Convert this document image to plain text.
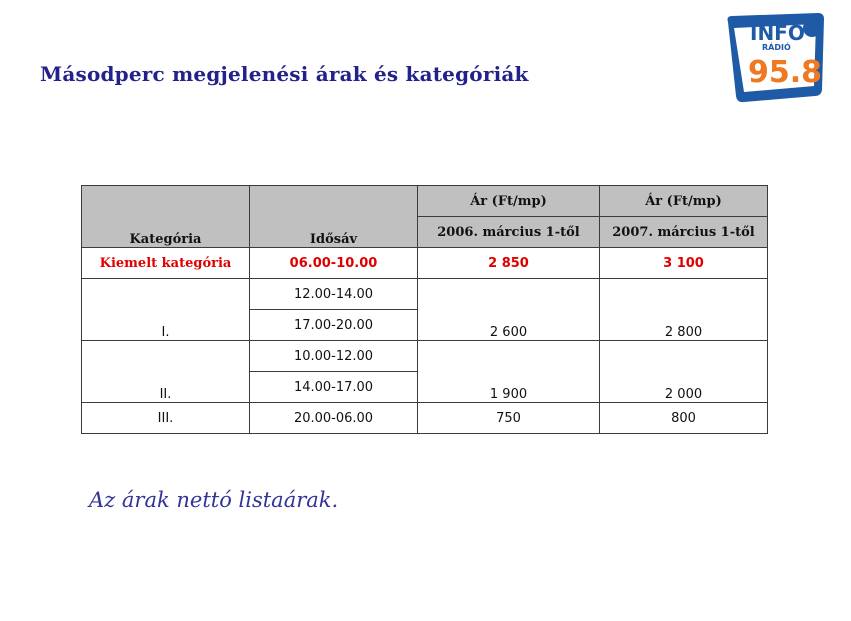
Másodperc megjelenési árak és kategóriák
INFO
RÁDIÓ
95.8
Kategória	Idősáv	Ár (Ft/mp)	Ár (Ft/mp)
		2006. március 1-től	2007. március 1-től
Kiemelt kategória	06.00-10.00	2 850	3 100
I.	12.00-14.00	2 600	2 800
	17.00-20.00		
II.	10.00-12.00	1 900	2 000
	14.00-17.00		
III.	20.00-06.00	750	800
Az árak nettó listaárak.
